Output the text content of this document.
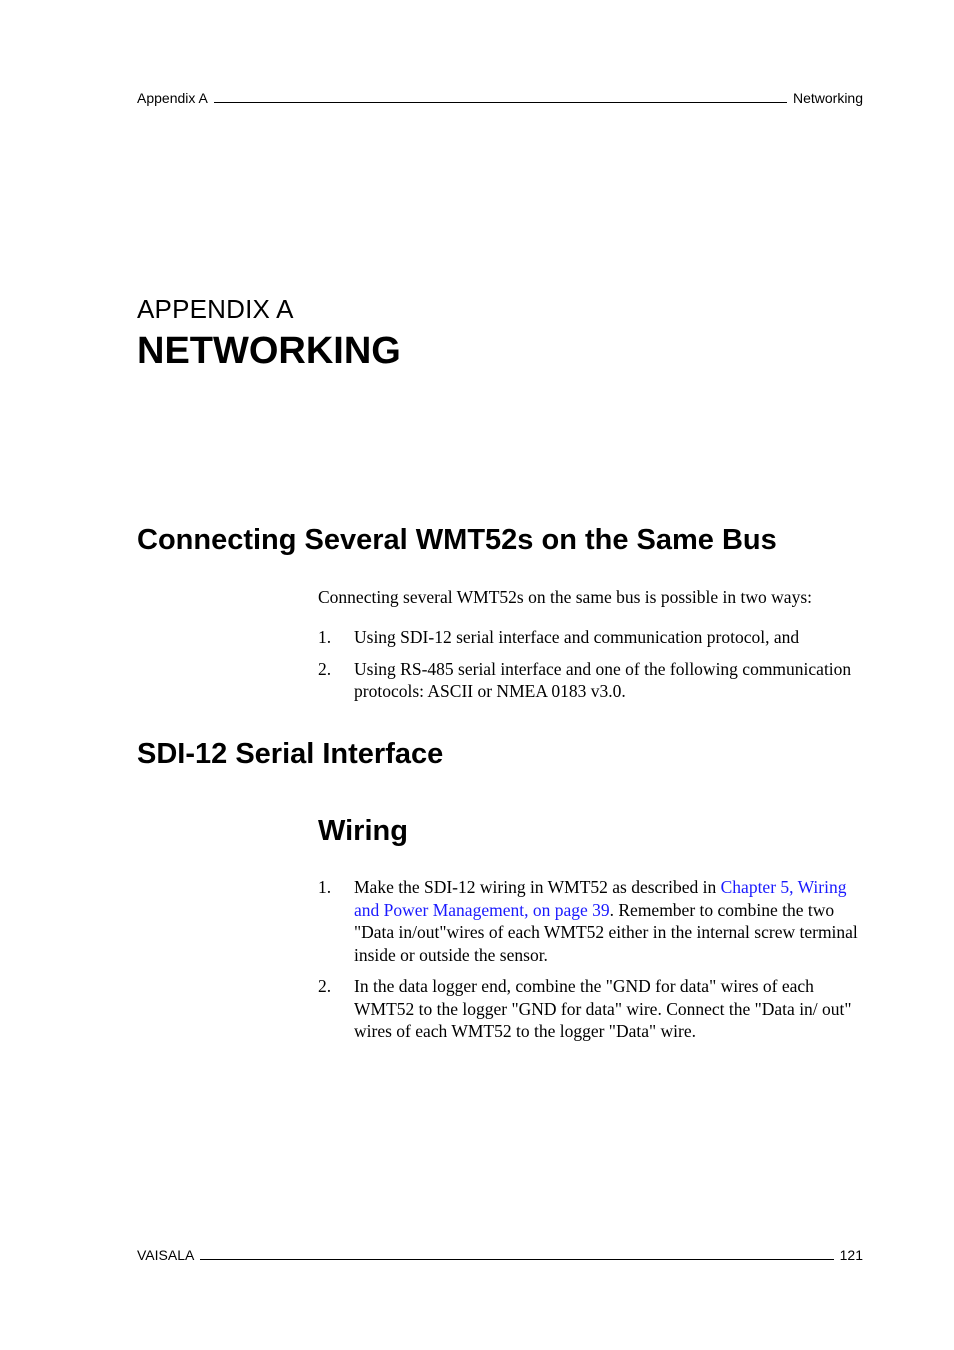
Appendix A	Networking
APPENDIX A
NETWORKING
Connecting Several WMT52s on the Same Bus

Connecting several WMT52s on the same bus is possible in two ways:

1.	Using SDI-12 serial interface and communication protocol, and
2.	Using RS-485 serial interface and one of the following communication protocols: ASCII or NMEA 0183 v3.0.
SDI-12 Serial Interface
Wiring
1.	Make the SDI-12 wiring in WMT52 as described in Chapter 5, Wiring and Power Management, on page 39. Remember to combine the two "Data in/out"wires of each WMT52 either in the internal screw terminal inside or outside the sensor.
2.	In the data logger end, combine the "GND for data" wires of each WMT52 to the logger "GND for data" wire. Connect the "Data in/ out" wires of each WMT52 to the logger "Data" wire.
VAISALA	121
